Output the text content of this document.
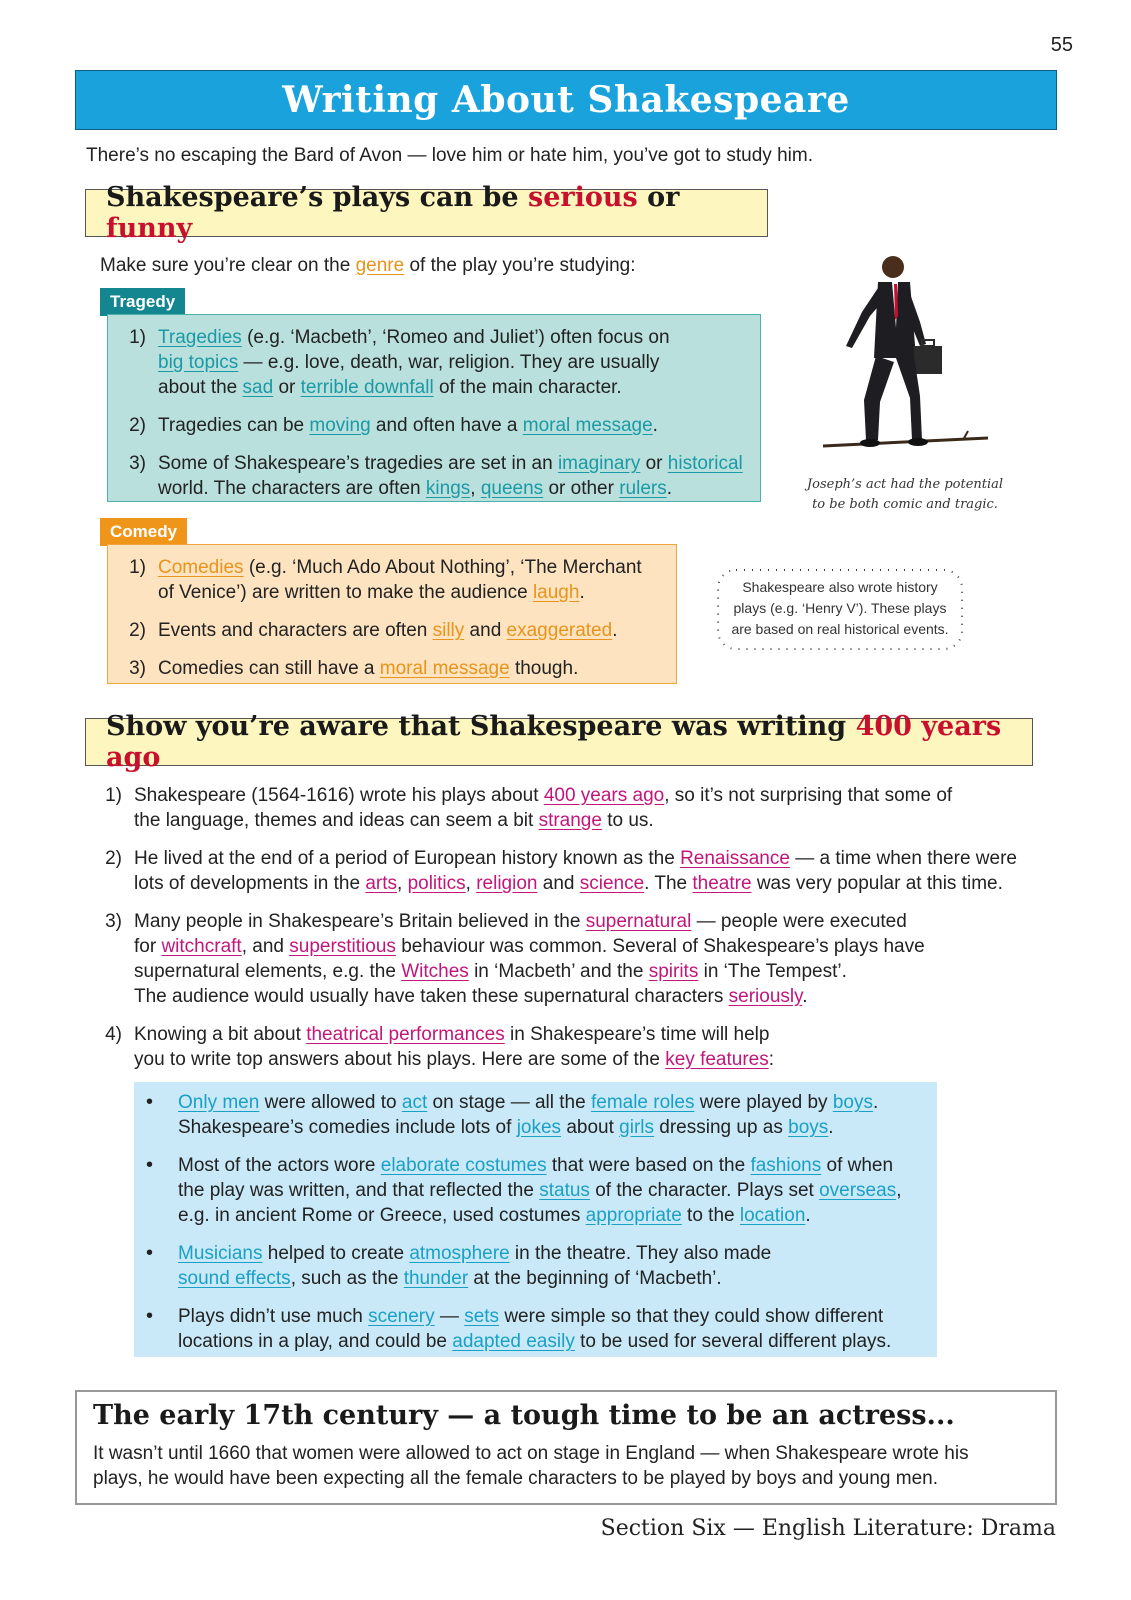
55
Writing About Shakespeare
There’s no escaping the Bard of Avon — love him or hate him, you’ve got to study him.
Shakespeare’s plays can be serious or funny
Make sure you’re clear on the genre of the play you’re studying:
Tragedy
1) Tragedies (e.g. ‘Macbeth’, ‘Romeo and Juliet’) often focus on
big topics — e.g. love, death, war, religion. They are usually
about the sad or terrible downfall of the main character.
2) Tragedies can be moving and often have a moral message.
3) Some of Shakespeare’s tragedies are set in an imaginary or historical
world. The characters are often kings, queens or other rulers.	Joseph’s act had the potential
to be both comic and tragic.
Comedy
1) Comedies (e.g. ‘Much Ado About Nothing’, ‘The Merchant
of Venice’) are written to make the audience laugh.
2) Events and characters are often silly and exaggerated.
3) Comedies can still have a moral message though.
Shakespeare also wrote history
plays (e.g. ‘Henry V’). These plays
are based on real historical events.
Show you’re aware that Shakespeare was writing 400 years ago
1) Shakespeare (1564-1616) wrote his plays about 400 years ago, so it’s not surprising that some of
the language, themes and ideas can seem a bit strange to us.
2) He lived at the end of a period of European history known as the Renaissance — a time when there were
lots of developments in the arts, politics, religion and science. The theatre was very popular at this time.
3) Many people in Shakespeare’s Britain believed in the supernatural — people were executed
for witchcraft, and superstitious behaviour was common. Several of Shakespeare’s plays have
supernatural elements, e.g. the Witches in ‘Macbeth’ and the spirits in ‘The Tempest’.
The audience would usually have taken these supernatural characters seriously.
4) Knowing a bit about theatrical performances in Shakespeare’s time will help
you to write top answers about his plays. Here are some of the key features:
• Only men were allowed to act on stage — all the female roles were played by boys.
Shakespeare’s comedies include lots of jokes about girls dressing up as boys.
• Most of the actors wore elaborate costumes that were based on the fashions of when
the play was written, and that reflected the status of the character. Plays set overseas,
e.g. in ancient Rome or Greece, used costumes appropriate to the location.
• Musicians helped to create atmosphere in the theatre. They also made
sound effects, such as the thunder at the beginning of ‘Macbeth’.
• Plays didn’t use much scenery — sets were simple so that they could show different
locations in a play, and could be adapted easily to be used for several different plays.
The early 17th century — a tough time to be an actress...
It wasn’t until 1660 that women were allowed to act on stage in England — when Shakespeare wrote his
plays, he would have been expecting all the female characters to be played by boys and young men.
Section Six — English Literature: Drama
